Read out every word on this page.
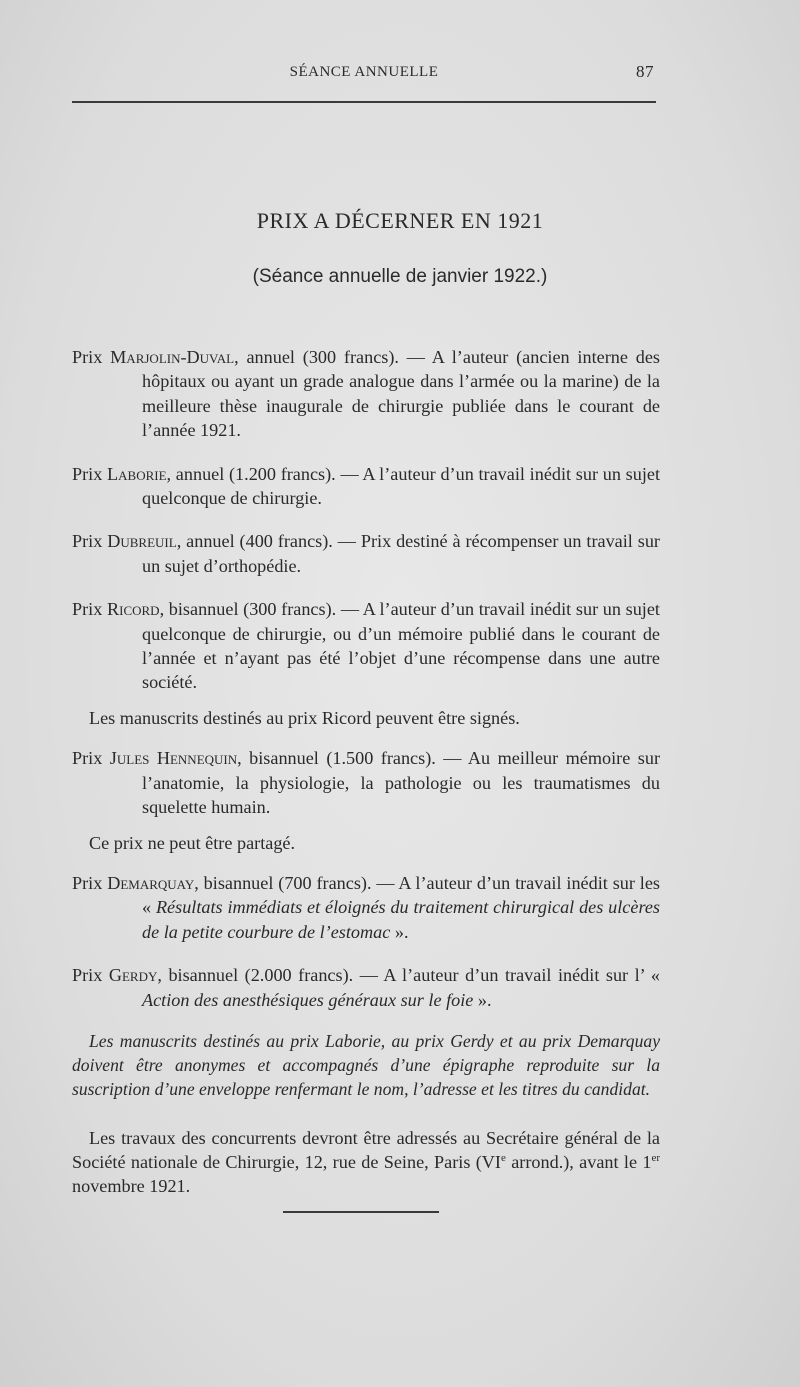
SÉANCE ANNUELLE	87
PRIX A DÉCERNER EN 1921
(Séance annuelle de janvier 1922.)

Prix Marjolin-Duval, annuel (300 francs). — A l’auteur (ancien interne des hôpitaux ou ayant un grade analogue dans l’armée ou la marine) de la meilleure thèse inaugurale de chirurgie publiée dans le courant de l’année 1921.

Prix Laborie, annuel (1.200 francs). — A l’auteur d’un travail inédit sur un sujet quelconque de chirurgie.

Prix Dubreuil, annuel (400 francs). — Prix destiné à récompenser un travail sur un sujet d’orthopédie.

Prix Ricord, bisannuel (300 francs). — A l’auteur d’un travail inédit sur un sujet quelconque de chirurgie, ou d’un mémoire publié dans le courant de l’année et n’ayant pas été l’objet d’une récompense dans une autre société.

Les manuscrits destinés au prix Ricord peuvent être signés.

Prix Jules Hennequin, bisannuel (1.500 francs). — Au meilleur mémoire sur l’anatomie, la physiologie, la pathologie ou les traumatismes du squelette humain.

Ce prix ne peut être partagé.

Prix Demarquay, bisannuel (700 francs). — A l’auteur d’un travail inédit sur les « Résultats immédiats et éloignés du traitement chirurgical des ulcères de la petite courbure de l’estomac ».

Prix Gerdy, bisannuel (2.000 francs). — A l’auteur d’un travail inédit sur l’ « Action des anesthésiques généraux sur le foie ».

Les manuscrits destinés au prix Laborie, au prix Gerdy et au prix Demarquay doivent être anonymes et accompagnés d’une épigraphe reproduite sur la suscription d’une enveloppe renfermant le nom, l’adresse et les titres du candidat.

Les travaux des concurrents devront être adressés au Secrétaire général de la Société nationale de Chirurgie, 12, rue de Seine, Paris (VIe arrond.), avant le 1er novembre 1921.
